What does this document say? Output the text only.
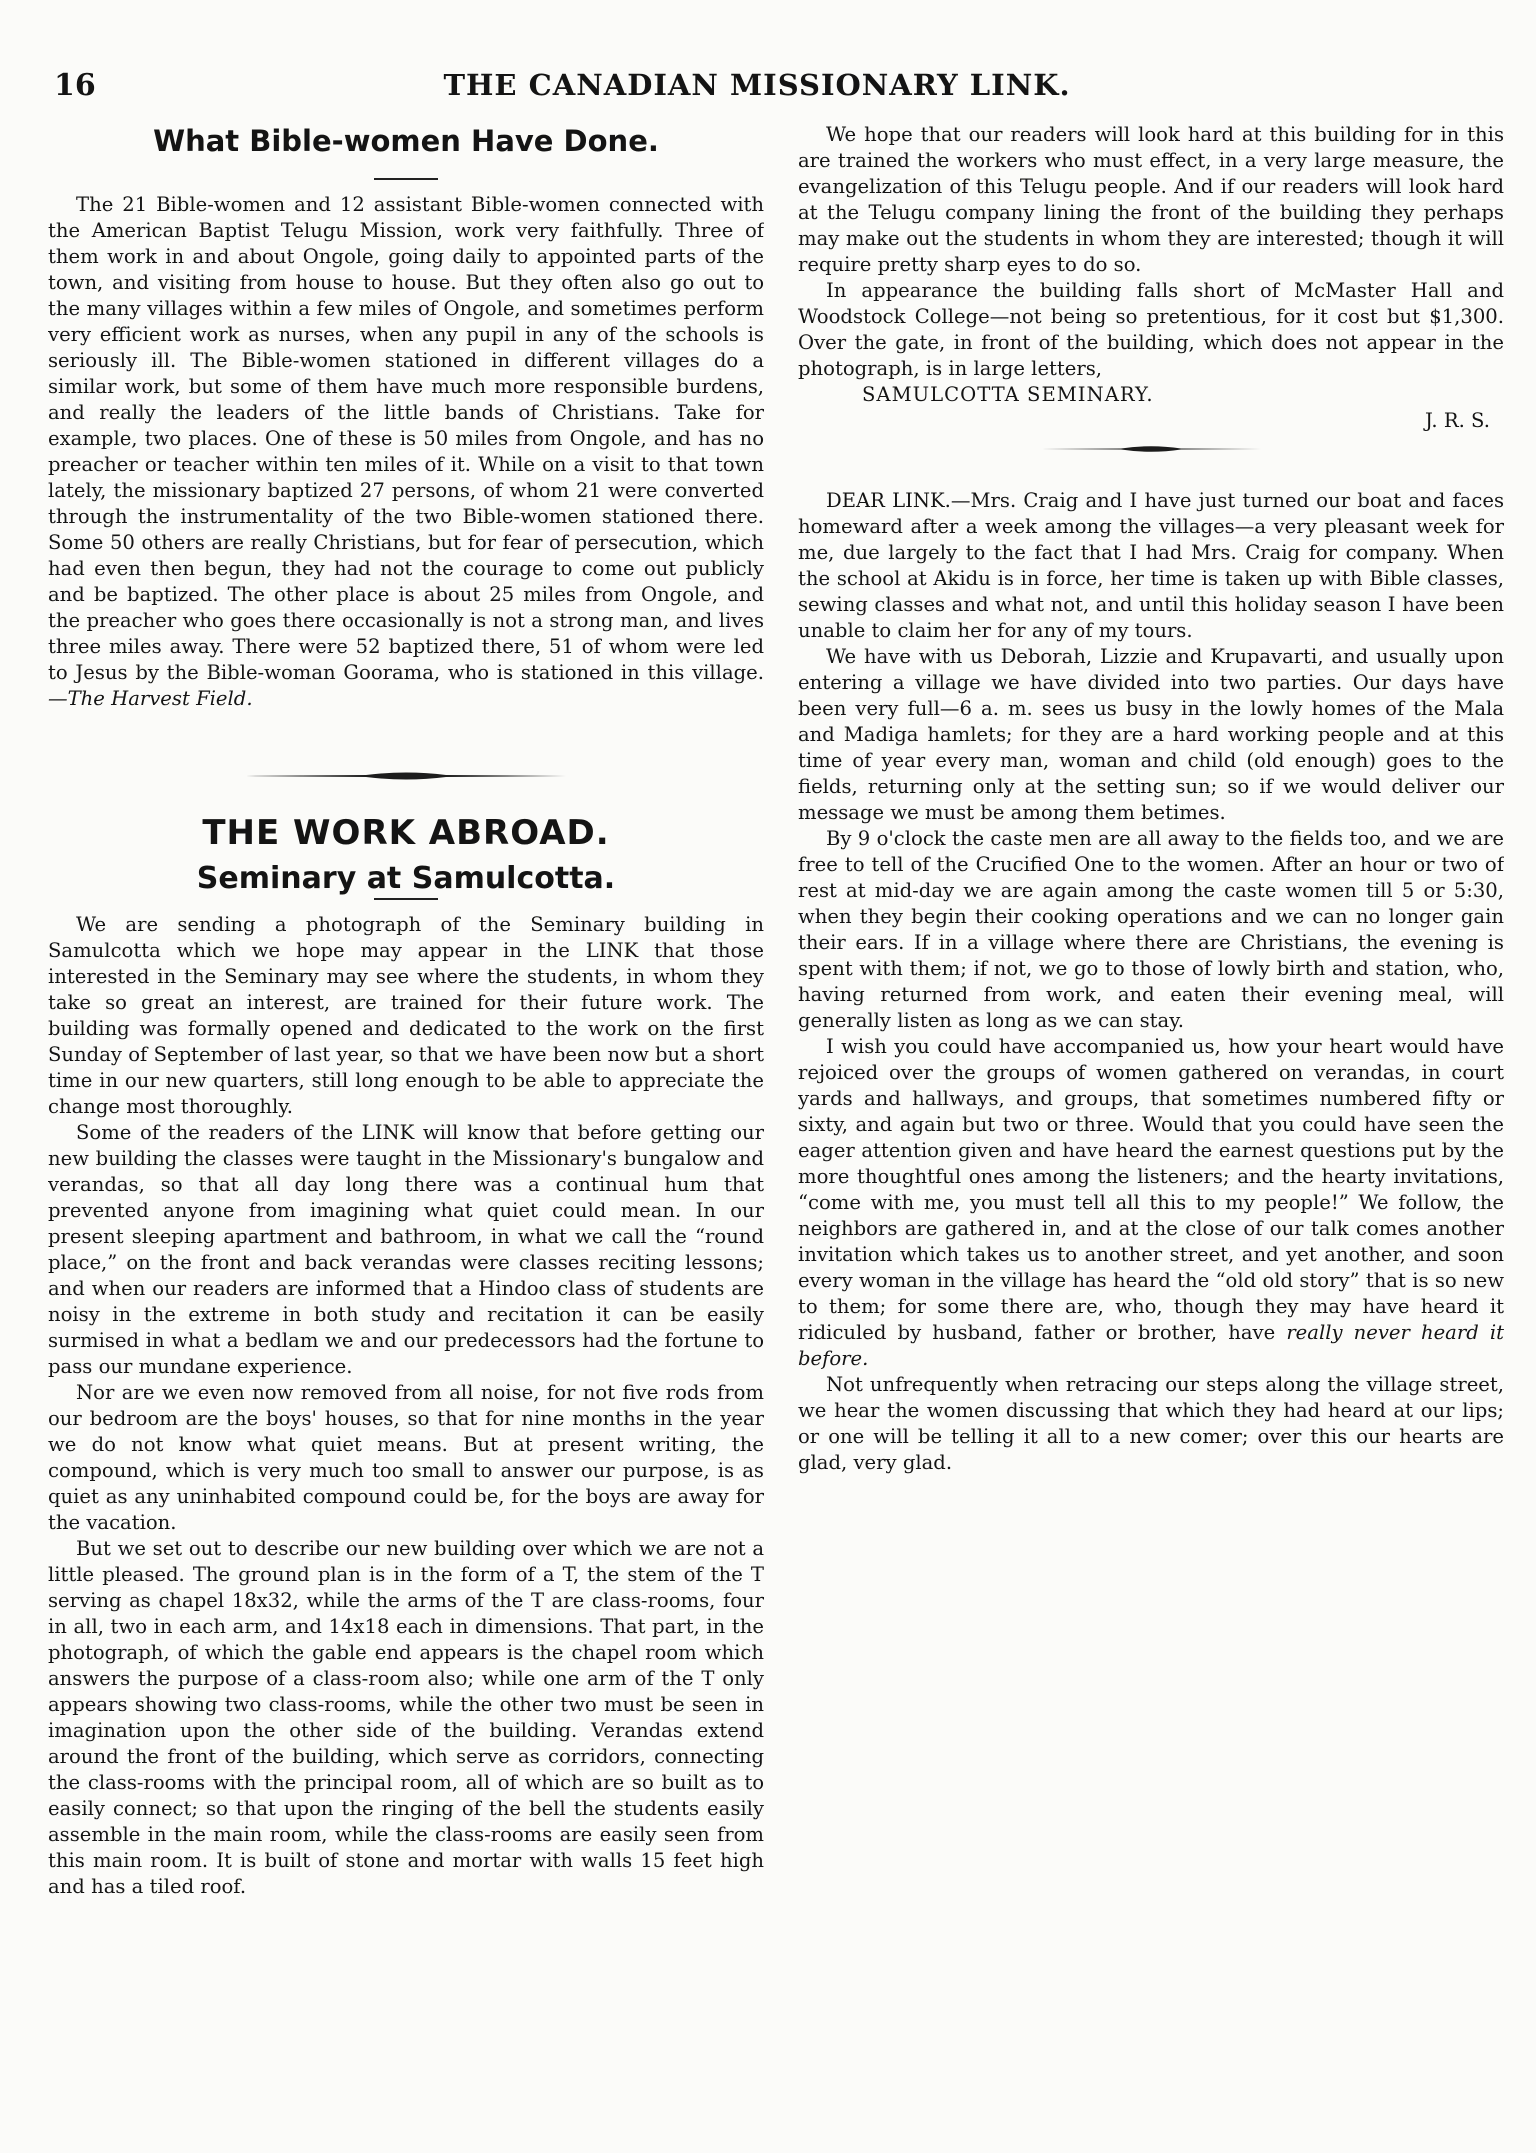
16	THE CANADIAN MISSIONARY LINK.
What Bible-women Have Done.

The 21 Bible-women and 12 assistant Bible-women connected with the American Baptist Telugu Mission, work very faithfully. Three of them work in and about Ongole, going daily to appointed parts of the town, and visiting from house to house. But they often also go out to the many villages within a few miles of Ongole, and sometimes perform very efficient work as nurses, when any pupil in any of the schools is seriously ill. The Bible-women stationed in different villages do a similar work, but some of them have much more responsible burdens, and really the leaders of the little bands of Christians. Take for example, two places. One of these is 50 miles from Ongole, and has no preacher or teacher within ten miles of it. While on a visit to that town lately, the missionary baptized 27 persons, of whom 21 were converted through the instrumentality of the two Bible-women stationed there. Some 50 others are really Christians, but for fear of persecution, which had even then begun, they had not the courage to come out publicly and be baptized. The other place is about 25 miles from Ongole, and the preacher who goes there occasionally is not a strong man, and lives three miles away. There were 52 baptized there, 51 of whom were led to Jesus by the Bible-woman Goorama, who is stationed in this village. —The Harvest Field.

THE WORK ABROAD.
Seminary at Samulcotta.

We are sending a photograph of the Seminary building in Samulcotta which we hope may appear in the LINK that those interested in the Seminary may see where the students, in whom they take so great an interest, are trained for their future work. The building was formally opened and dedicated to the work on the first Sunday of September of last year, so that we have been now but a short time in our new quarters, still long enough to be able to appreciate the change most thoroughly.

Some of the readers of the LINK will know that before getting our new building the classes were taught in the Missionary's bungalow and verandas, so that all day long there was a continual hum that prevented anyone from imagining what quiet could mean. In our present sleeping apartment and bathroom, in what we call the “round place,” on the front and back verandas were classes reciting lessons; and when our readers are informed that a Hindoo class of students are noisy in the extreme in both study and recitation it can be easily surmised in what a bedlam we and our predecessors had the fortune to pass our mundane experience.

Nor are we even now removed from all noise, for not five rods from our bedroom are the boys' houses, so that for nine months in the year we do not know what quiet means. But at present writing, the compound, which is very much too small to answer our purpose, is as quiet as any uninhabited compound could be, for the boys are away for the vacation.

But we set out to describe our new building over which we are not a little pleased. The ground plan is in the form of a T, the stem of the T serving as chapel 18x32, while the arms of the T are class-rooms, four in all, two in each arm, and 14x18 each in dimensions. That part, in the photograph, of which the gable end appears is the chapel room which answers the purpose of a class-room also; while one arm of the T only appears showing two class-rooms, while the other two must be seen in imagination upon the other side of the building. Verandas extend around the front of the building, which serve as corridors, connecting the class-rooms with the principal room, all of which are so built as to easily connect; so that upon the ringing of the bell the students easily assemble in the main room, while the class-rooms are easily seen from this main room. It is built of stone and mortar with walls 15 feet high and has a tiled roof.

We hope that our readers will look hard at this building for in this are trained the workers who must effect, in a very large measure, the evangelization of this Telugu people. And if our readers will look hard at the Telugu company lining the front of the building they perhaps may make out the students in whom they are interested; though it will require pretty sharp eyes to do so.

In appearance the building falls short of McMaster Hall and Woodstock College—not being so pretentious, for it cost but $1,300. Over the gate, in front of the building, which does not appear in the photograph, is in large letters,

SAMULCOTTA SEMINARY.

J. R. S.

DEAR LINK.—Mrs. Craig and I have just turned our boat and faces homeward after a week among the villages—a very pleasant week for me, due largely to the fact that I had Mrs. Craig for company. When the school at Akidu is in force, her time is taken up with Bible classes, sewing classes and what not, and until this holiday season I have been unable to claim her for any of my tours.

We have with us Deborah, Lizzie and Krupavarti, and usually upon entering a village we have divided into two parties. Our days have been very full—6 a. m. sees us busy in the lowly homes of the Mala and Madiga hamlets; for they are a hard working people and at this time of year every man, woman and child (old enough) goes to the fields, returning only at the setting sun; so if we would deliver our message we must be among them betimes.

By 9 o'clock the caste men are all away to the fields too, and we are free to tell of the Crucified One to the women. After an hour or two of rest at mid-day we are again among the caste women till 5 or 5:30, when they begin their cooking operations and we can no longer gain their ears. If in a village where there are Christians, the evening is spent with them; if not, we go to those of lowly birth and station, who, having returned from work, and eaten their evening meal, will generally listen as long as we can stay.

I wish you could have accompanied us, how your heart would have rejoiced over the groups of women gathered on verandas, in court yards and hallways, and groups, that sometimes numbered fifty or sixty, and again but two or three. Would that you could have seen the eager attention given and have heard the earnest questions put by the more thoughtful ones among the listeners; and the hearty invitations, “come with me, you must tell all this to my people!” We follow, the neighbors are gathered in, and at the close of our talk comes another invitation which takes us to another street, and yet another, and soon every woman in the village has heard the “old old story” that is so new to them; for some there are, who, though they may have heard it ridiculed by husband, father or brother, have really never heard it before.

Not unfrequently when retracing our steps along the village street, we hear the women discussing that which they had heard at our lips; or one will be telling it all to a new comer; over this our hearts are glad, very glad.
